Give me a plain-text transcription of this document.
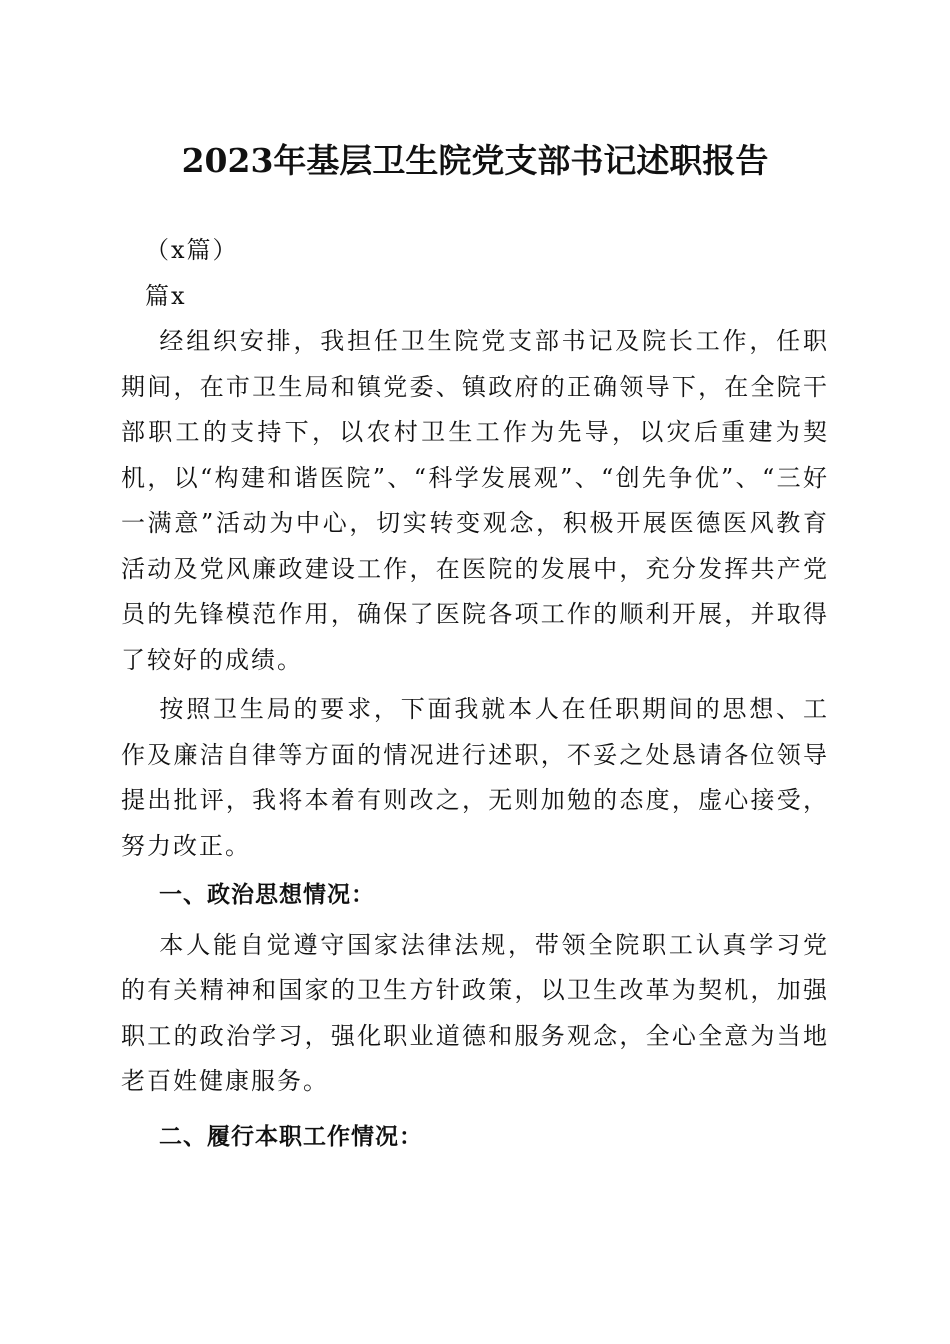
2023年基层卫生院党支部书记述职报告

（x篇）

篇x

经组织安排，我担任卫生院党支部书记及院长工作，任职期间，在市卫生局和镇党委、镇政府的正确领导下，在全院干部职工的支持下，以农村卫生工作为先导，以灾后重建为契机，以“构建和谐医院”、“科学发展观”、“创先争优”、“三好一满意”活动为中心，切实转变观念，积极开展医德医风教育活动及党风廉政建设工作，在医院的发展中，充分发挥共产党员的先锋模范作用，确保了医院各项工作的顺利开展，并取得了较好的成绩。

按照卫生局的要求，下面我就本人在任职期间的思想、工作及廉洁自律等方面的情况进行述职，不妥之处恳请各位领导提出批评，我将本着有则改之，无则加勉的态度，虚心接受，努力改正。

一、政治思想情况：

本人能自觉遵守国家法律法规，带领全院职工认真学习党的有关精神和国家的卫生方针政策，以卫生改革为契机，加强职工的政治学习，强化职业道德和服务观念，全心全意为当地老百姓健康服务。

二、履行本职工作情况：
